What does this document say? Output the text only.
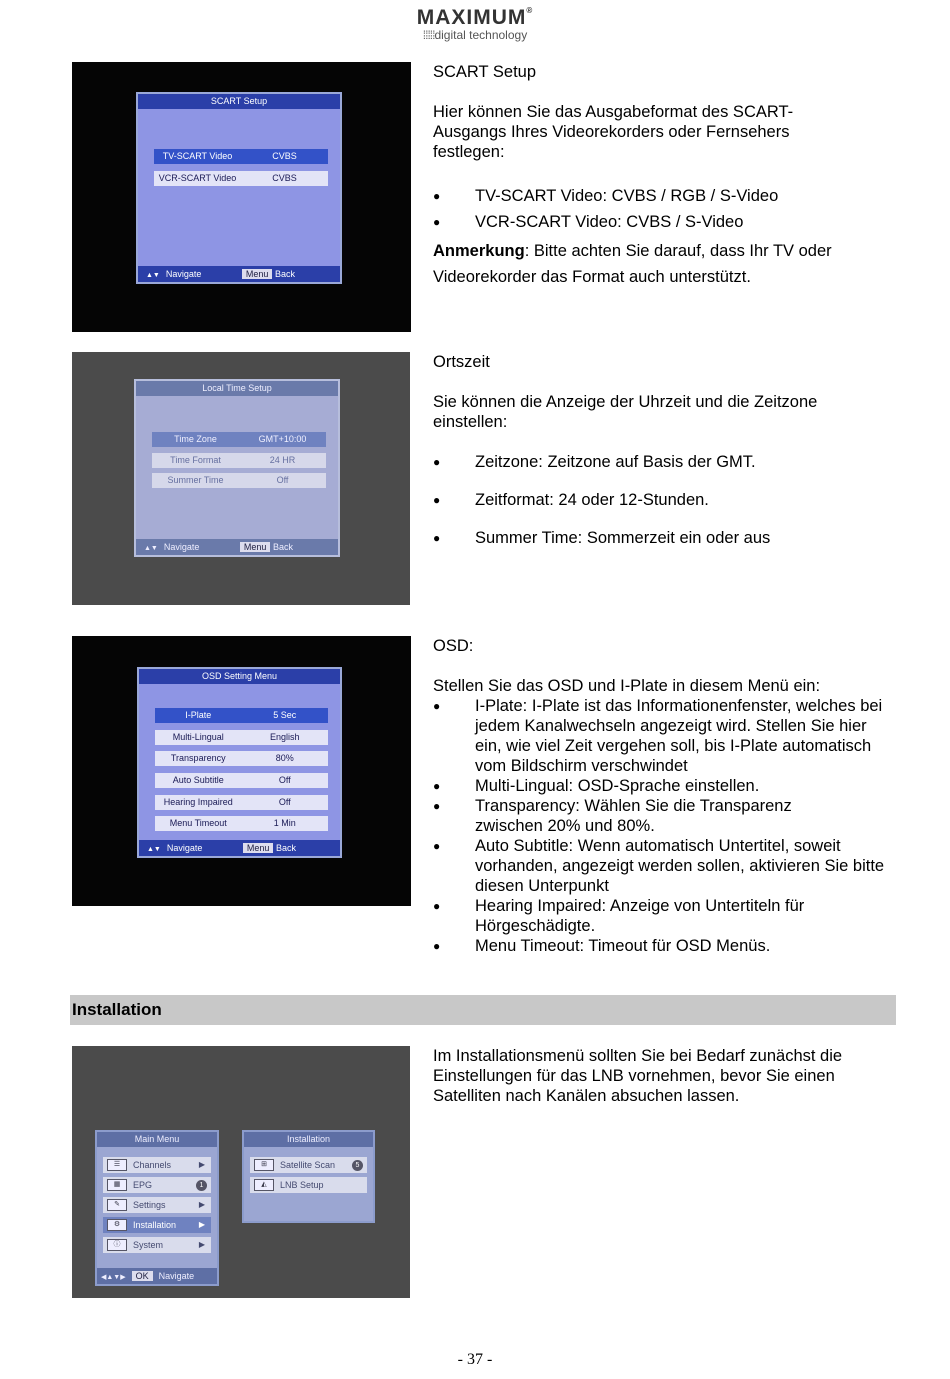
MAXIMUM®
⁞⁞⁞⁞⁞digital technology
SCART Setup
TV-SCART Video	CVBS
VCR-SCART Video	CVBS
▲▼ Navigate	Menu Back
SCART Setup
Hier können Sie das Ausgabeformat des SCART-Ausgangs Ihres Videorekorders oder Fernsehers festlegen:
● TV-SCART Video: CVBS / RGB / S-Video
● VCR-SCART Video: CVBS / S-Video
Anmerkung: Bitte achten Sie darauf, dass Ihr TV oder Videorekorder das Format auch unterstützt.
Local Time Setup
Time Zone	GMT+10:00
Time Format	24 HR
Summer Time	Off
▲▼ Navigate	Menu Back
Ortszeit
Sie können die Anzeige der Uhrzeit und die Zeitzone einstellen:
● Zeitzone: Zeitzone auf Basis der GMT.
● Zeitformat: 24 oder 12-Stunden.
● Summer Time: Sommerzeit ein oder aus
OSD Setting Menu
I-Plate	5 Sec
Multi-Lingual	English
Transparency	80%
Auto Subtitle	Off
Hearing Impaired	Off
Menu Timeout	1 Min
▲▼ Navigate	Menu Back
OSD:
Stellen Sie das OSD und I-Plate in diesem Menü ein:
● I-Plate: I-Plate ist das Informationenfenster, welches bei jedem Kanalwechseln angezeigt wird. Stellen Sie hier ein, wie viel Zeit vergehen soll, bis I-Plate automatisch vom Bildschirm verschwindet
● Multi-Lingual: OSD-Sprache einstellen.
● Transparency: Wählen Sie die Transparenz zwischen 20% und 80%.
● Auto Subtitle: Wenn automatisch Untertitel, soweit vorhanden, angezeigt werden sollen, aktivieren Sie bitte diesen Unterpunkt
● Hearing Impaired: Anzeige von Untertiteln für Hörgeschädigte.
● Menu Timeout: Timeout für OSD Menüs.
Installation
Main Menu
☰	Channels	▶
▦	EPG	1
✎	Settings	▶
⚙	Installation	▶
ⓘ	System	▶
◀▲▼▶ OK Navigate
Installation
⊞	Satellite Scan	5
◭	LNB Setup
Im Installationsmenü sollten Sie bei Bedarf zunächst die Einstellungen für das LNB vornehmen, bevor Sie einen Satelliten nach Kanälen absuchen lassen.
- 37 -
